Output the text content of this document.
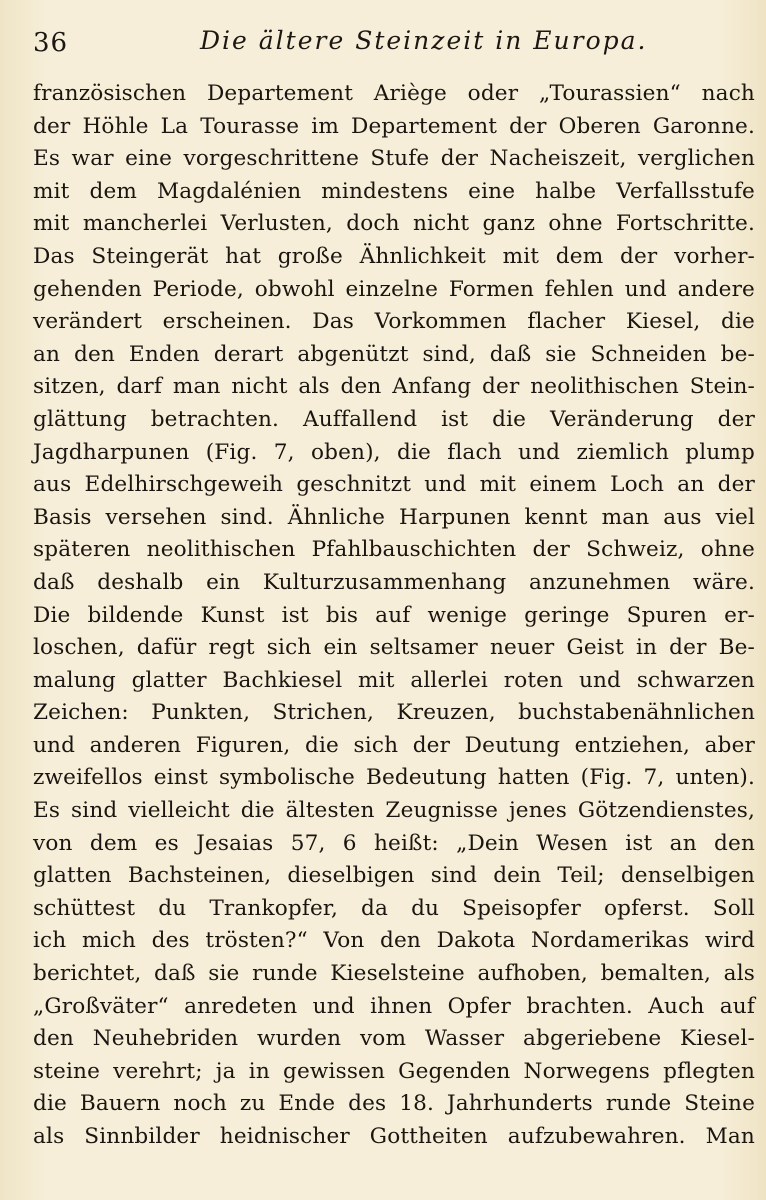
36	Die ältere Steinzeit in Europa.
französischen Departement Ariège oder „Tourassien“ nach
der Höhle La Tourasse im Departement der Oberen Garonne.
Es war eine vorgeschrittene Stufe der Nacheiszeit, verglichen
mit dem Magdalénien mindestens eine halbe Verfallsstufe
mit mancherlei Verlusten, doch nicht ganz ohne Fortschritte.
Das Steingerät hat große Ähnlichkeit mit dem der vorher-
gehenden Periode, obwohl einzelne Formen fehlen und andere
verändert erscheinen. Das Vorkommen flacher Kiesel, die
an den Enden derart abgenützt sind, daß sie Schneiden be-
sitzen, darf man nicht als den Anfang der neolithischen Stein-
glättung betrachten. Auffallend ist die Veränderung der
Jagdharpunen (Fig. 7, oben), die flach und ziemlich plump
aus Edelhirschgeweih geschnitzt und mit einem Loch an der
Basis versehen sind. Ähnliche Harpunen kennt man aus viel
späteren neolithischen Pfahlbauschichten der Schweiz, ohne
daß deshalb ein Kulturzusammenhang anzunehmen wäre.
Die bildende Kunst ist bis auf wenige geringe Spuren er-
loschen, dafür regt sich ein seltsamer neuer Geist in der Be-
malung glatter Bachkiesel mit allerlei roten und schwarzen
Zeichen: Punkten, Strichen, Kreuzen, buchstabenähnlichen
und anderen Figuren, die sich der Deutung entziehen, aber
zweifellos einst symbolische Bedeutung hatten (Fig. 7, unten).
Es sind vielleicht die ältesten Zeugnisse jenes Götzendienstes,
von dem es Jesaias 57, 6 heißt: „Dein Wesen ist an den
glatten Bachsteinen, dieselbigen sind dein Teil; denselbigen
schüttest du Trankopfer, da du Speisopfer opferst. Soll
ich mich des trösten?“ Von den Dakota Nordamerikas wird
berichtet, daß sie runde Kieselsteine aufhoben, bemalten, als
„Großväter“ anredeten und ihnen Opfer brachten. Auch auf
den Neuhebriden wurden vom Wasser abgeriebene Kiesel-
steine verehrt; ja in gewissen Gegenden Norwegens pflegten
die Bauern noch zu Ende des 18. Jahrhunderts runde Steine
als Sinnbilder heidnischer Gottheiten aufzubewahren. Man
